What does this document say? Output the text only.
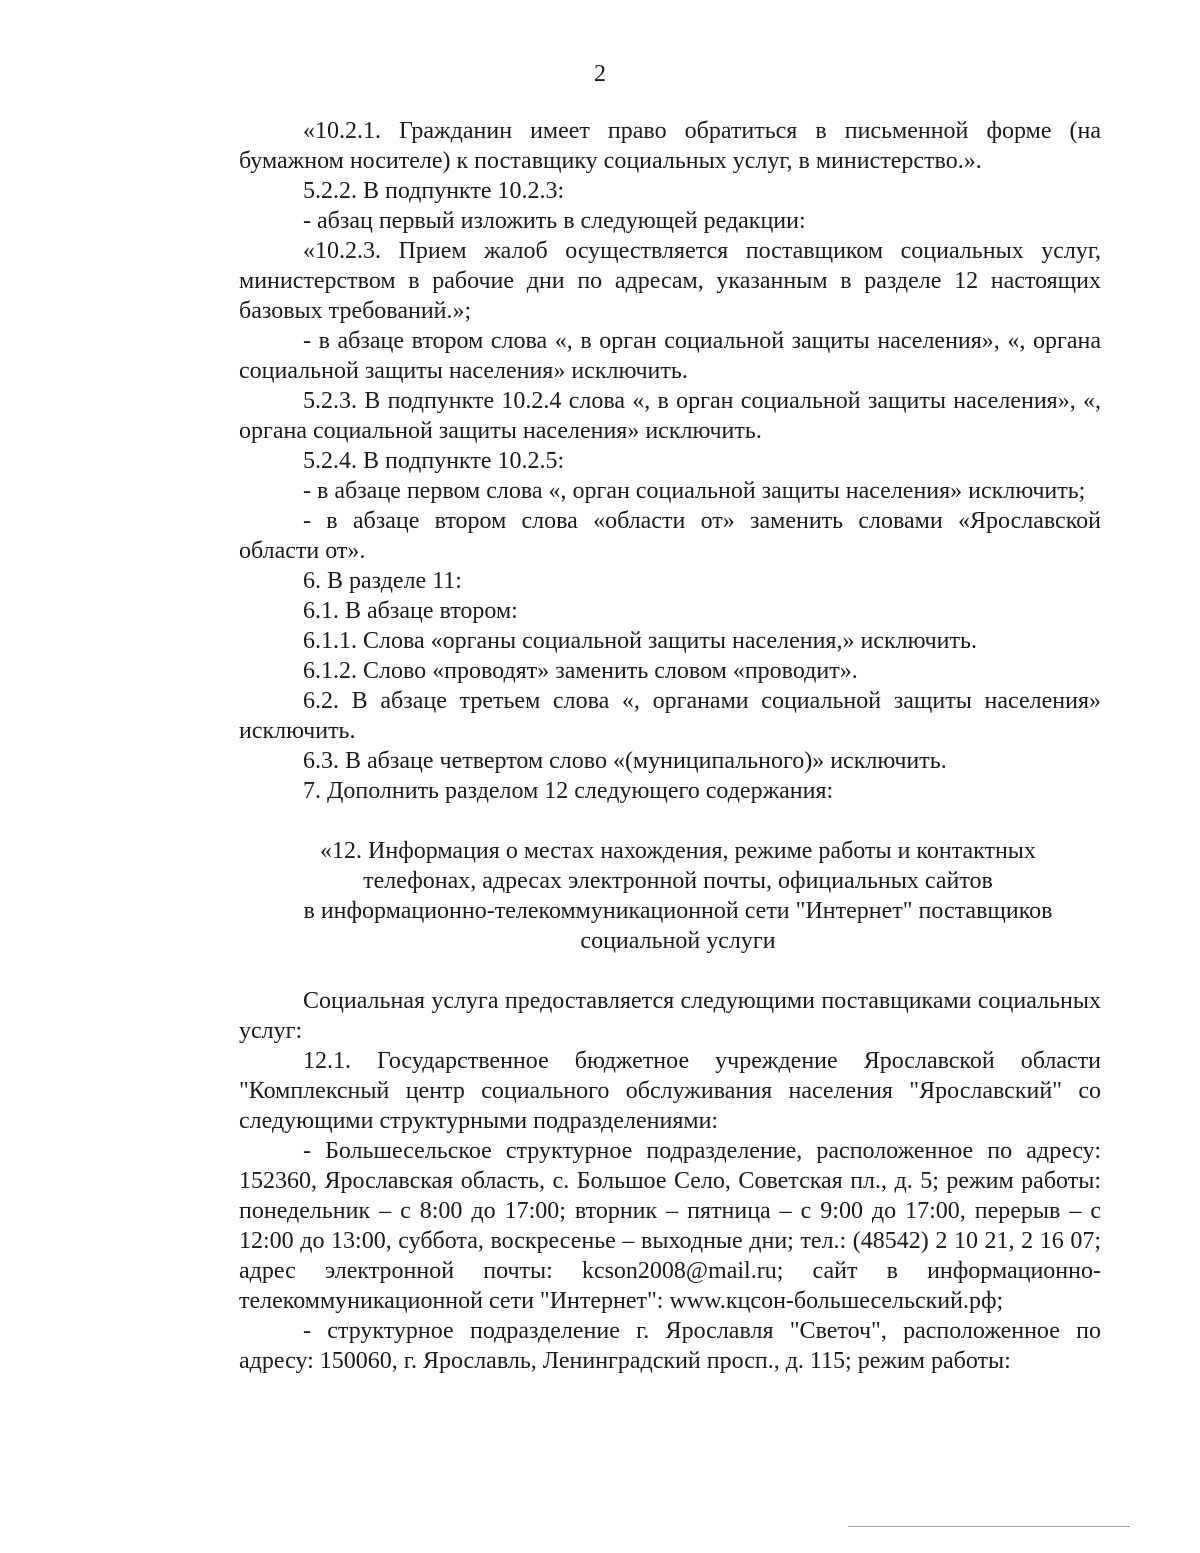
2

«10.2.1. Гражданин имеет право обратиться в письменной форме (на бумажном носителе) к поставщику социальных услуг, в министерство.».

5.2.2. В подпункте 10.2.3:

- абзац первый изложить в следующей редакции:

«10.2.3. Прием жалоб осуществляется поставщиком социальных услуг, министерством в рабочие дни по адресам, указанным в разделе 12 настоящих базовых требований.»;

- в абзаце втором слова «, в орган социальной защиты населения», «, органа социальной защиты населения» исключить.

5.2.3. В подпункте 10.2.4 слова «, в орган социальной защиты населения», «, органа социальной защиты населения» исключить.

5.2.4. В подпункте 10.2.5:

- в абзаце первом слова «, орган социальной защиты населения» исключить;

- в абзаце втором слова «области от» заменить словами «Ярославской области от».

6. В разделе 11:

6.1. В абзаце втором:

6.1.1. Слова «органы социальной защиты населения,» исключить.

6.1.2. Слово «проводят» заменить словом «проводит».

6.2. В абзаце третьем слова «, органами социальной защиты населения» исключить.

6.3. В абзаце четвертом слово «(муниципального)» исключить.

7. Дополнить разделом 12 следующего содержания:

«12. Информация о местах нахождения, режиме работы и контактных
телефонах, адресах электронной почты, официальных сайтов
в информационно-телекоммуникационной сети "Интернет" поставщиков
социальной услуги

Социальная услуга предоставляется следующими поставщиками социальных услуг:

12.1. Государственное бюджетное учреждение Ярославской области "Комплексный центр социального обслуживания населения "Ярославский" со следующими структурными подразделениями:

- Большесельское структурное подразделение, расположенное по адресу: 152360, Ярославская область, с. Большое Село, Советская пл., д. 5; режим работы: понедельник – с 8:00 до 17:00; вторник – пятница – с 9:00 до 17:00, перерыв – с 12:00 до 13:00, суббота, воскресенье – выходные дни; тел.: (48542) 2 10 21, 2 16 07; адрес электронной почты: kcson2008@mail.ru; сайт в информационно-телекоммуникационной сети "Интернет": www.кцсон-большесельский.рф;

- структурное подразделение г. Ярославля "Светоч", расположенное по адресу: 150060, г. Ярославль, Ленинградский просп., д. 115; режим работы:
